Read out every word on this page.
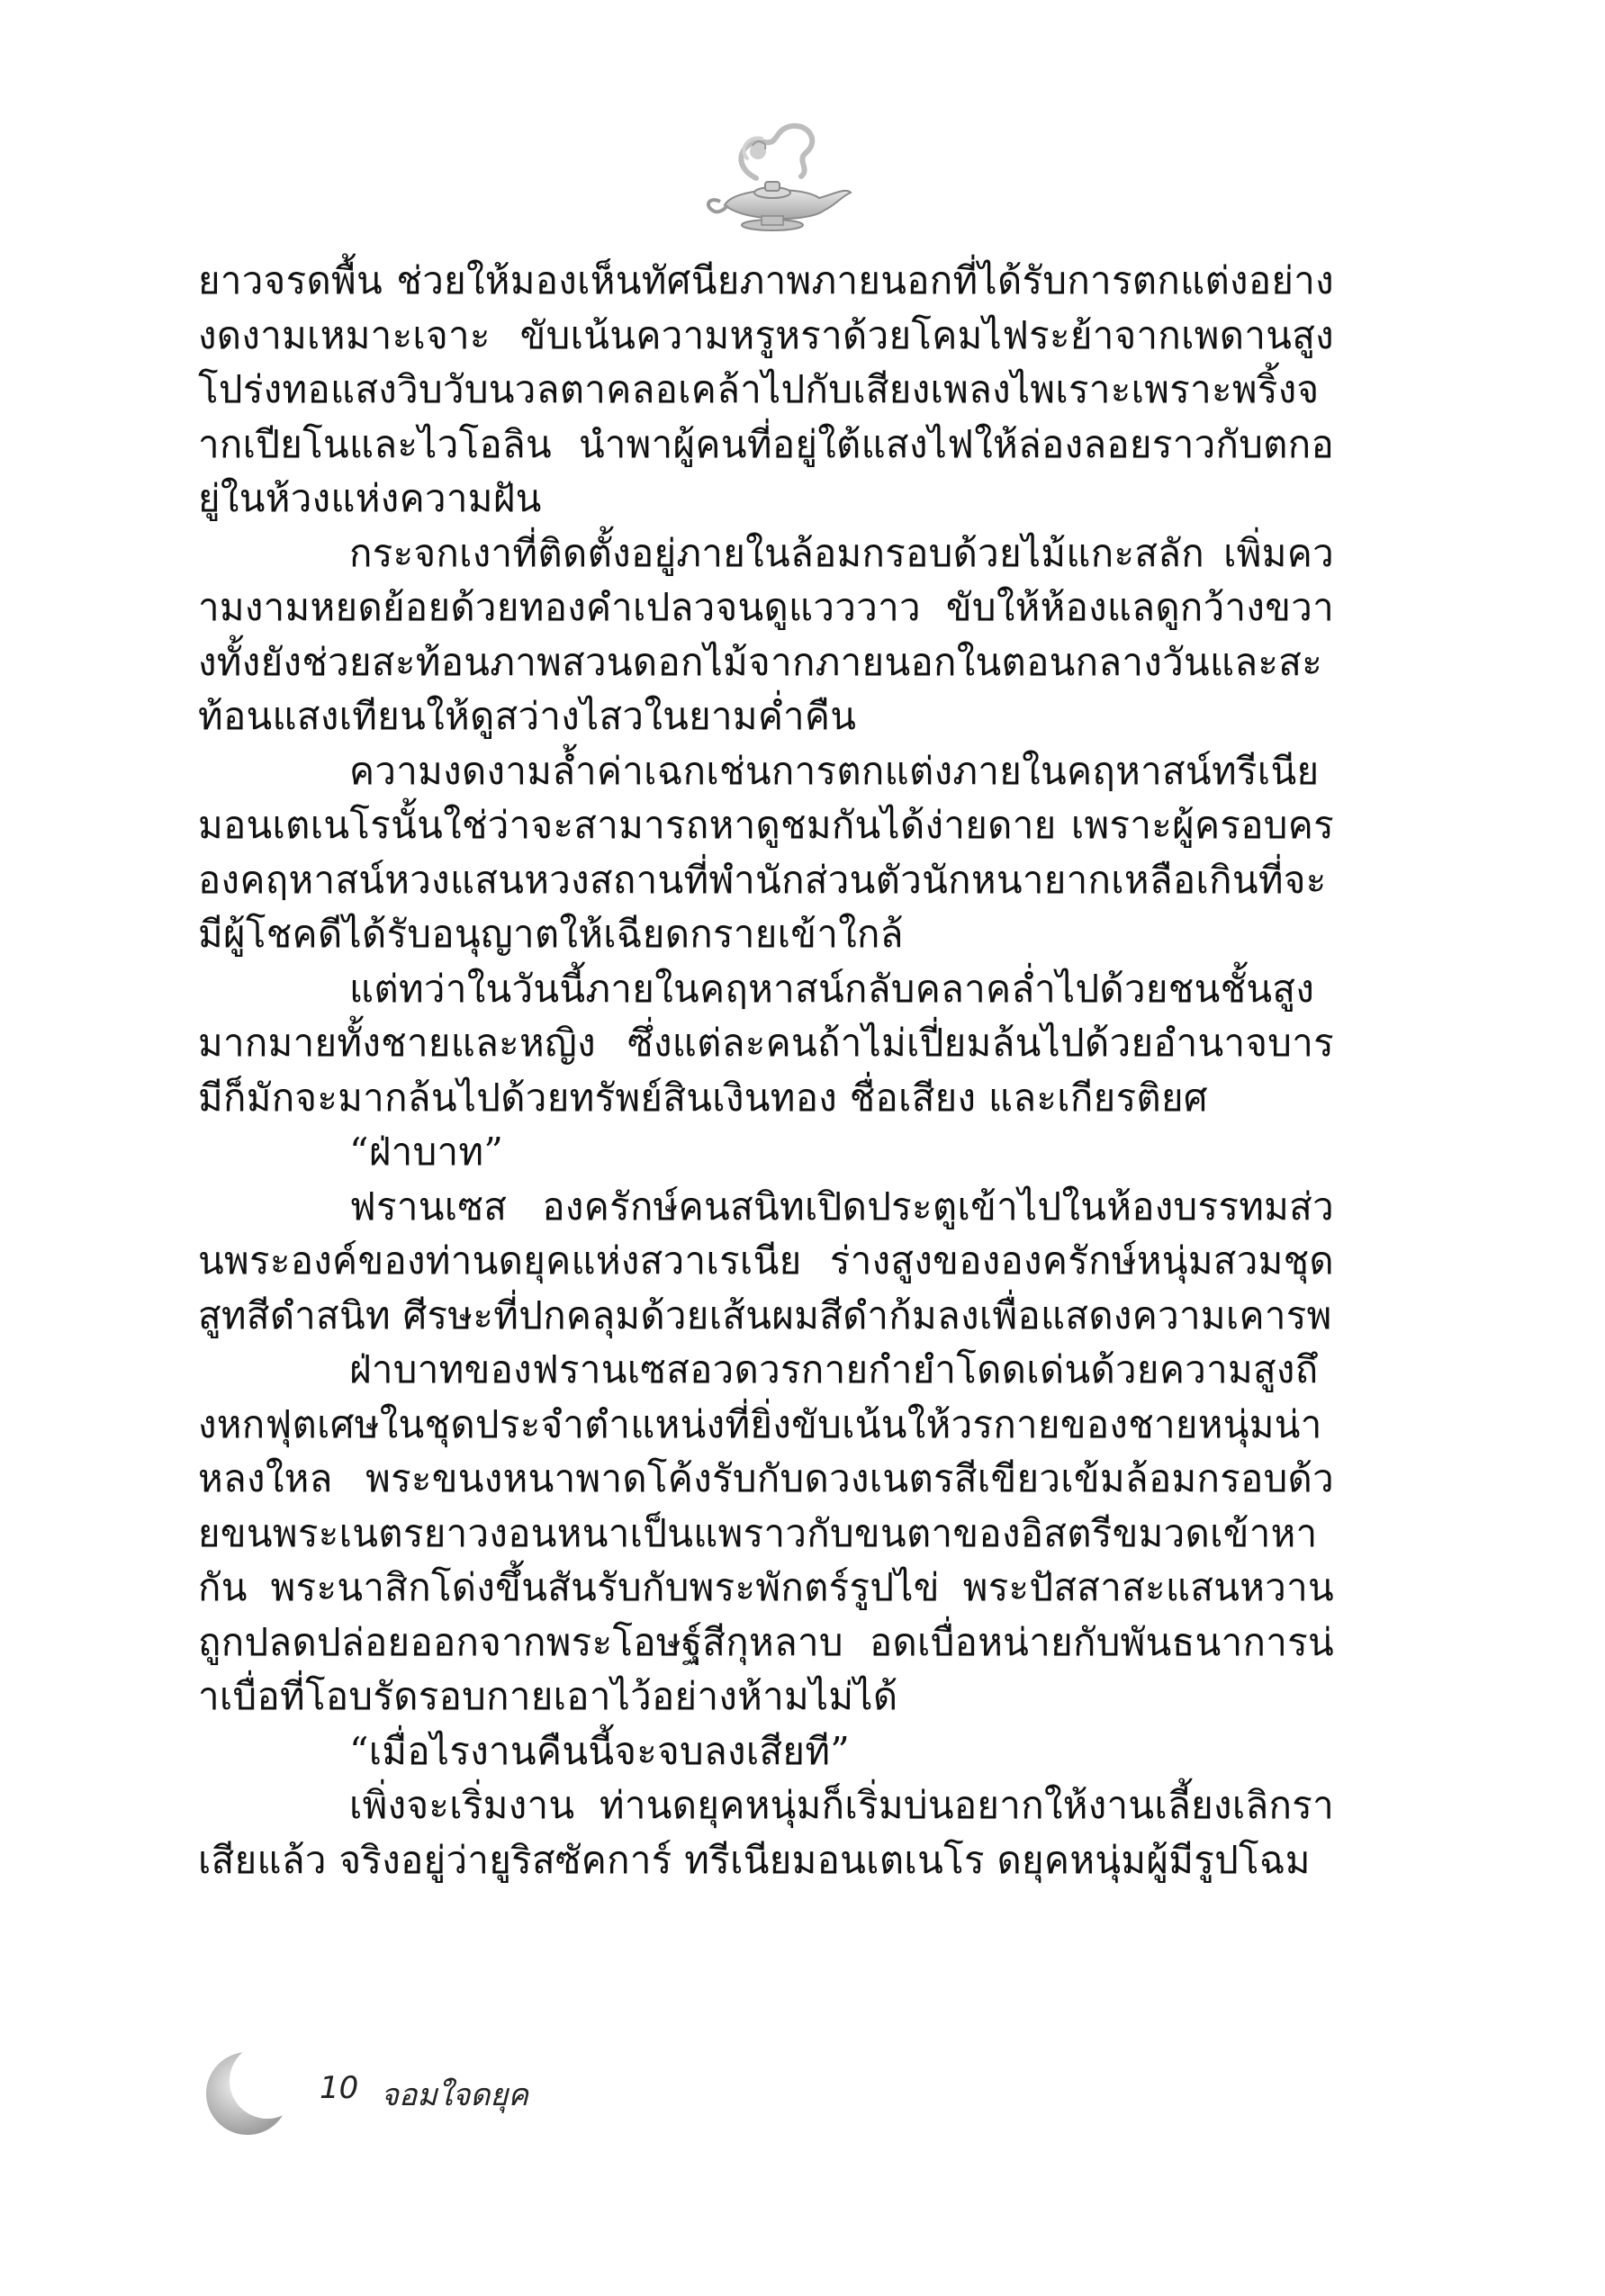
ยาวจรดพื้น ช่วยให้มองเห็นทัศนียภาพภายนอกที่ได้รับการตกแต่งอย่างงดงามเหมาะเจาะ ขับเน้นความหรูหราด้วยโคมไฟระย้าจากเพดานสูงโปร่งทอแสงวิบวับนวลตาคลอเคล้าไปกับเสียงเพลงไพเราะเพราะพริ้งจากเปียโนและไวโอลิน นำพาผู้คนที่อยู่ใต้แสงไฟให้ล่องลอยราวกับตกอยู่ในห้วงแห่งความฝัน

กระจกเงาที่ติดตั้งอยู่ภายในล้อมกรอบด้วยไม้แกะสลัก เพิ่มความงามหยดย้อยด้วยทองคำเปลวจนดูแวววาว ขับให้ห้องแลดูกว้างขวางทั้งยังช่วยสะท้อนภาพสวนดอกไม้จากภายนอกในตอนกลางวันและสะท้อนแสงเทียนให้ดูสว่างไสวในยามค่ำคืน

ความงดงามล้ำค่าเฉกเช่นการตกแต่งภายในคฤหาสน์ทรีเนียมอนเตเนโรนั้นใช่ว่าจะสามารถหาดูชมกันได้ง่ายดาย เพราะผู้ครอบครองคฤหาสน์หวงแสนหวงสถานที่พำนักส่วนตัวนักหนายากเหลือเกินที่จะมีผู้โชคดีได้รับอนุญาตให้เฉียดกรายเข้าใกล้

แต่ทว่าในวันนี้ภายในคฤหาสน์กลับคลาคล่ำไปด้วยชนชั้นสูงมากมายทั้งชายและหญิง ซึ่งแต่ละคนถ้าไม่เปี่ยมล้นไปด้วยอำนาจบารมีก็มักจะมากล้นไปด้วยทรัพย์สินเงินทอง ชื่อเสียง และเกียรติยศ

“ฝ่าบาท”

ฟรานเซส องครักษ์คนสนิทเปิดประตูเข้าไปในห้องบรรทมส่วนพระองค์ของท่านดยุคแห่งสวาเรเนีย ร่างสูงขององครักษ์หนุ่มสวมชุดสูทสีดำสนิท ศีรษะที่ปกคลุมด้วยเส้นผมสีดำก้มลงเพื่อแสดงความเคารพ

ฝ่าบาทของฟรานเซสอวดวรกายกำยำโดดเด่นด้วยความสูงถึงหกฟุตเศษในชุดประจำตำแหน่งที่ยิ่งขับเน้นให้วรกายของชายหนุ่มน่าหลงใหล พระขนงหนาพาดโค้งรับกับดวงเนตรสีเขียวเข้มล้อมกรอบด้วยขนพระเนตรยาวงอนหนาเป็นแพราวกับขนตาของอิสตรีขมวดเข้าหากัน พระนาสิกโด่งขึ้นสันรับกับพระพักตร์รูปไข่ พระปัสสาสะแสนหวานถูกปลดปล่อยออกจากพระโอษฐ์สีกุหลาบ อดเบื่อหน่ายกับพันธนาการน่าเบื่อที่โอบรัดรอบกายเอาไว้อย่างห้ามไม่ได้

“เมื่อไรงานคืนนี้จะจบลงเสียที”

เพิ่งจะเริ่มงาน ท่านดยุคหนุ่มก็เริ่มบ่นอยากให้งานเลี้ยงเลิกราเสียแล้ว จริงอยู่ว่ายูริสซัคการ์ ทรีเนียมอนเตเนโร ดยุคหนุ่มผู้มีรูปโฉม

10 จอมใจดยุค
